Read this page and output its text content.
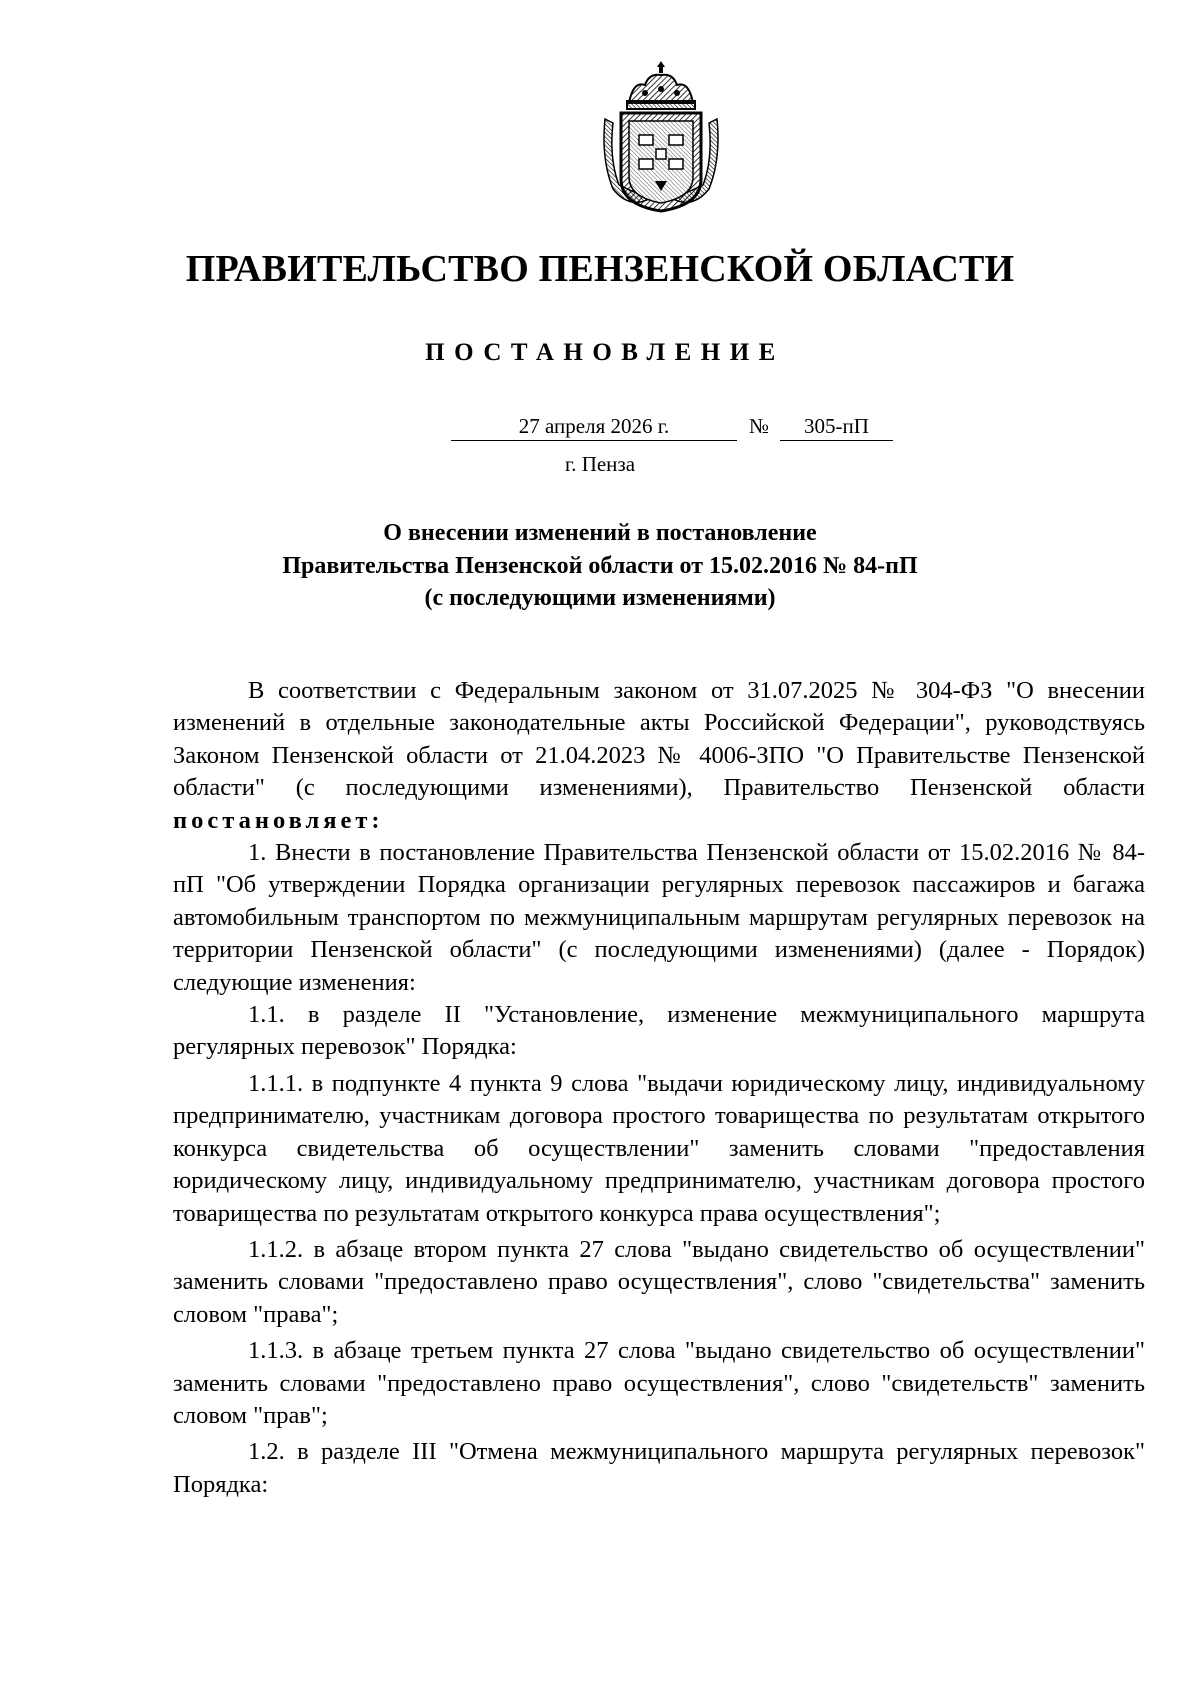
ПРАВИТЕЛЬСТВО ПЕНЗЕНСКОЙ ОБЛАСТИ
ПОСТАНОВЛЕНИЕ
27 апреля 2026 г.	№	305-пП
г. Пенза
О внесении изменений в постановление
Правительства Пензенской области от 15.02.2016 № 84-пП
(с последующими изменениями)

В соответствии с Федеральным законом от 31.07.2025 № 304-ФЗ "О внесении изменений в отдельные законодательные акты Российской Федерации", руководствуясь Законом Пензенской области от 21.04.2023 № 4006-ЗПО "О Правительстве Пензенской области" (с последующими изменениями), Правительство Пензенской области постановляет:

1. Внести в постановление Правительства Пензенской области от 15.02.2016 № 84-пП "Об утверждении Порядка организации регулярных перевозок пассажиров и багажа автомобильным транспортом по межмуниципальным маршрутам регулярных перевозок на территории Пензенской области" (с последующими изменениями) (далее - Порядок) следующие изменения:

1.1. в разделе II "Установление, изменение межмуниципального маршрута регулярных перевозок" Порядка:

1.1.1. в подпункте 4 пункта 9 слова "выдачи юридическому лицу, индивидуальному предпринимателю, участникам договора простого товарищества по результатам открытого конкурса свидетельства об осуществлении" заменить словами "предоставления юридическому лицу, индивидуальному предпринимателю, участникам договора простого товарищества по результатам открытого конкурса права осуществления";

1.1.2. в абзаце втором пункта 27 слова "выдано свидетельство об осуществлении" заменить словами "предоставлено право осуществления", слово "свидетельства" заменить словом "права";

1.1.3. в абзаце третьем пункта 27 слова "выдано свидетельство об осуществлении" заменить словами "предоставлено право осуществления", слово "свидетельств" заменить словом "прав";

1.2. в разделе III "Отмена межмуниципального маршрута регулярных перевозок" Порядка:
